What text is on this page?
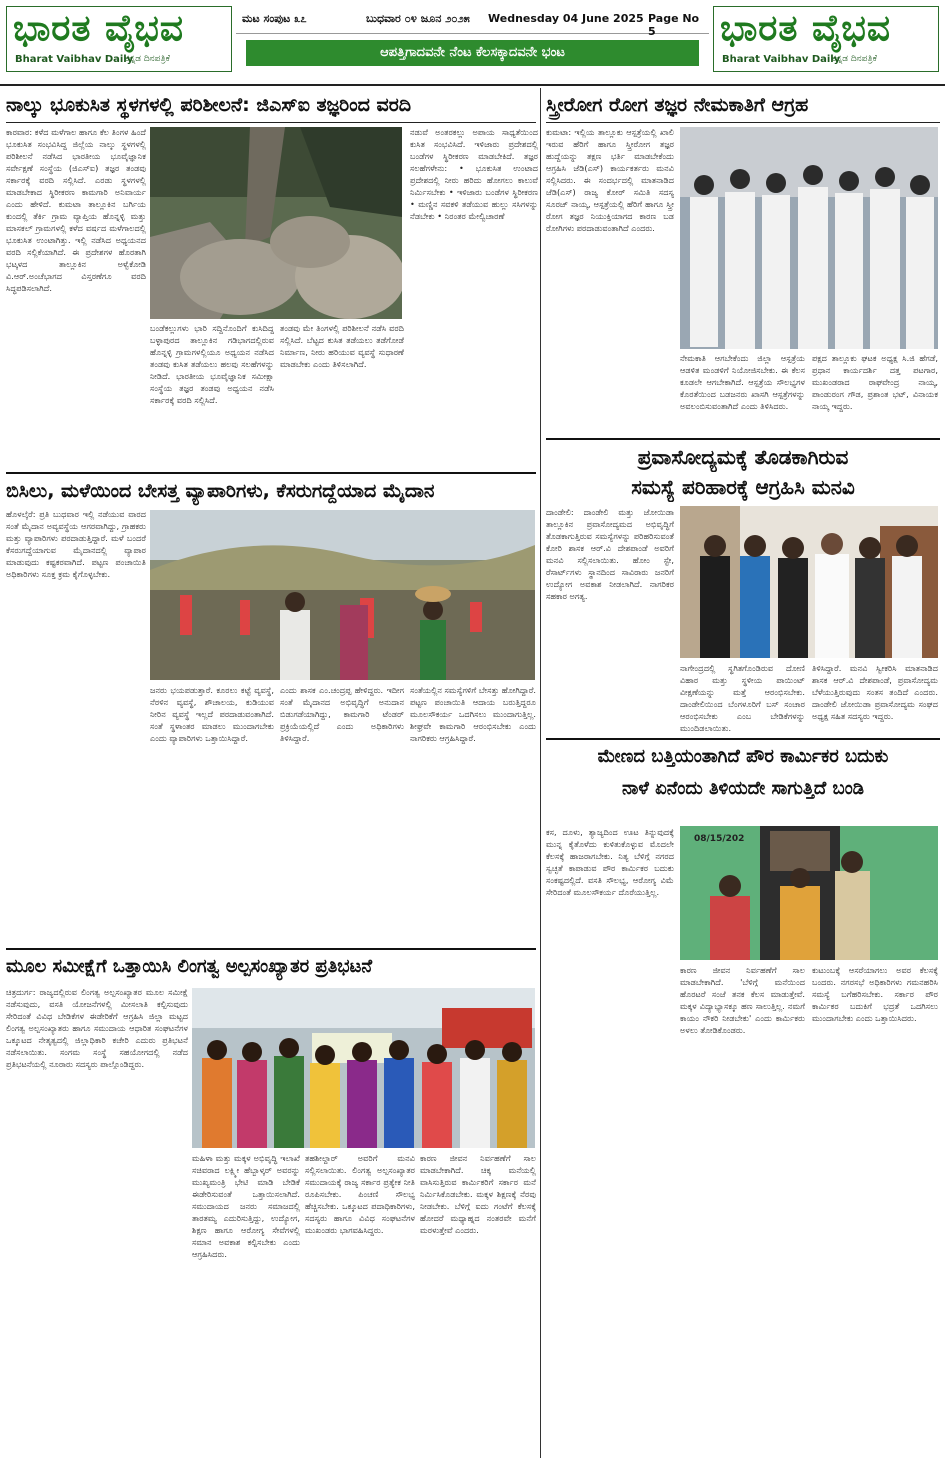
ಭಾರತ ವೈಭವ
Bharat Vaibhav Daily
ಕನ್ನಡ ದಿನಪತ್ರಿಕೆ
ಮಟ ಸಂಪುಟ ೩೭	ಬುಧವಾರ ೦೪ ಜೂನ ೨೦೨೫ Wednesday 04 June 2025 Page No 5
ಆಪತ್ತಿಗಾದವನೇ ನೆಂಟ ಕೆಲಸಕ್ಕಾದವನೇ ಭಂಟ
ಭಾರತ ವೈಭವ
Bharat Vaibhav Daily
ಕನ್ನಡ ದಿನಪತ್ರಿಕೆ
ನಾಲ್ಕು ಭೂಕುಸಿತ ಸ್ಥಳಗಳಲ್ಲಿ ಪರಿಶೀಲನೆ: ಜಿಎಸ್‌ಐ ತಜ್ಞರಿಂದ ವರದಿ
ಕಾರವಾರ: ಕಳೆದ ಮಳೆಗಾಲ ಹಾಗೂ ಕೆಲ ತಿಂಗಳ ಹಿಂದೆ ಭೂಕುಸಿತ ಸಂಭವಿಸಿದ್ದ ಜಿಲ್ಲೆಯ ನಾಲ್ಕು ಸ್ಥಳಗಳಲ್ಲಿ ಪರಿಶೀಲನೆ ನಡೆಸಿದ ಭಾರತೀಯ ಭೂವೈಜ್ಞಾನಿಕ ಸರ್ವೇಕ್ಷಣೆ ಸಂಸ್ಥೆಯ (ಜಿಎಸ್‌ಐ) ತಜ್ಞರ ತಂಡವು ಸರ್ಕಾರಕ್ಕೆ ವರದಿ ಸಲ್ಲಿಸಿದೆ. ಎರಡು ಸ್ಥಳಗಳಲ್ಲಿ ಮಾಡಬೇಕಾದ ಸ್ಥಿರೀಕರಣ ಕಾಮಗಾರಿ ಅನಿವಾರ್ಯ ಎಂದು ಹೇಳಿದೆ. ಕುಮಟಾ ತಾಲ್ಲೂಕಿನ ಬರ್ಗಿಯ ಕುಂದಲ್ಲಿ ತೆರ್ಕಿ ಗ್ರಾಮ ವ್ಯಾಪ್ತಿಯ ಹೊನ್ನಳ್ಳಿ ಮತ್ತು ಮಾಸಕಲ್ ಗ್ರಾಮಗಳಲ್ಲಿ ಕಳೆದ ವರ್ಷದ ಮಳೆಗಾಲದಲ್ಲಿ ಭೂಕುಸಿತ ಉಂಟಾಗಿತ್ತು. ಇಲ್ಲಿ ನಡೆಸಿದ ಅಧ್ಯಯನದ ವರದಿ ಸಲ್ಲಿಕೆಯಾಗಿದೆ. ಈ ಪ್ರದೇಶಗಳ ಹೊರತಾಗಿ ಭಟ್ಕಳದ ತಾಲ್ಲೂಕಿನ ಅಳ್ವೆಕೋಡಿ ವಿ.ಆರ್.ಅಂಚೆಭಾಗದ ವಿಸ್ತರಣೆಗೂ ವರದಿ ಸಿದ್ಧಪಡಿಸಲಾಗಿದೆ.
ಬಂಡೆಕಲ್ಲುಗಳು ಭಾರಿ ಸದ್ದಿನೊಂದಿಗೆ ಕುಸಿದಿದ್ದ ಬಳ್ಳಾಪುರದ ತಾಲ್ಲೂಕಿನ ಗಡಿಭಾಗದಲ್ಲಿರುವ ಹೊನ್ನಳ್ಳಿ ಗ್ರಾಮಗಳಲ್ಲಿಯೂ ಅಧ್ಯಯನ ನಡೆಸಿದ ತಂಡವು ಕುಸಿತ ತಡೆಯಲು ಹಲವು ಸಲಹೆಗಳನ್ನು ನೀಡಿದೆ. ಭಾರತೀಯ ಭೂವೈಜ್ಞಾನಿಕ ಸಮೀಕ್ಷಾ ಸಂಸ್ಥೆಯ ತಜ್ಞರ ತಂಡವು ಅಧ್ಯಯನ ನಡೆಸಿ ಸರ್ಕಾರಕ್ಕೆ ವರದಿ ಸಲ್ಲಿಸಿದೆ.
ತಂಡವು ಮೇ ತಿಂಗಳಲ್ಲಿ ಪರಿಶೀಲನೆ ನಡೆಸಿ ವರದಿ ಸಲ್ಲಿಸಿದೆ. ಬೆಟ್ಟದ ಕುಸಿತ ತಡೆಯಲು ತಡೆಗೋಡೆ ನಿರ್ಮಾಣ, ನೀರು ಹರಿಯುವ ವ್ಯವಸ್ಥೆ ಸುಧಾರಣೆ ಮಾಡಬೇಕು ಎಂದು ತಿಳಿಸಲಾಗಿದೆ.
ನಡುವೆ ಅಂತರಕಲ್ಲು ಅಪಾಯ ಸಾಧ್ಯತೆಯಿಂದ ಕುಸಿತ ಸಂಭವಿಸಿದೆ. ಇಳಿಜಾರು ಪ್ರದೇಶದಲ್ಲಿ ಬಂಡೆಗಳ ಸ್ಥಿರೀಕರಣ ಮಾಡಬೇಕಿದೆ. ತಜ್ಞರ ಸಲಹೆಗಳೇನು: • ಭೂಕುಸಿತ ಉಂಟಾದ ಪ್ರದೇಶದಲ್ಲಿ ನೀರು ಹರಿದು ಹೋಗಲು ಕಾಲುವೆ ನಿರ್ಮಿಸಬೇಕು • ಇಳಿಜಾರು ಬಂಡೆಗಳ ಸ್ಥಿರೀಕರಣ • ಮಣ್ಣಿನ ಸವಕಳಿ ತಡೆಯುವ ಹುಲ್ಲು ಸಸಿಗಳನ್ನು ನೆಡಬೇಕು • ನಿರಂತರ ಮೇಲ್ವಿಚಾರಣೆ
ಸ್ತ್ರೀರೋಗ ರೋಗ ತಜ್ಞರ ನೇಮಕಾತಿಗೆ ಆಗ್ರಹ
ಕುಮಟಾ: ಇಲ್ಲಿಯ ತಾಲ್ಲೂಕು ಆಸ್ಪತ್ರೆಯಲ್ಲಿ ಖಾಲಿ ಇರುವ ಹೆರಿಗೆ ಹಾಗೂ ಸ್ತ್ರೀರೋಗ ತಜ್ಞರ ಹುದ್ದೆಯನ್ನು ತಕ್ಷಣ ಭರ್ತಿ ಮಾಡಬೇಕೆಂದು ಆಗ್ರಹಿಸಿ ಜೆಡಿ(ಎಸ್) ಕಾರ್ಯಕರ್ತರು ಮನವಿ ಸಲ್ಲಿಸಿದರು. ಈ ಸಂದರ್ಭದಲ್ಲಿ ಮಾತನಾಡಿದ ಜೆಡಿ(ಎಸ್) ರಾಜ್ಯ ಕೋರ್ ಸಮಿತಿ ಸದಸ್ಯ ಸೂರಜ್ ನಾಯ್ಕ, ಆಸ್ಪತ್ರೆಯಲ್ಲಿ ಹೆರಿಗೆ ಹಾಗೂ ಸ್ತ್ರೀ ರೋಗ ತಜ್ಞರ ನಿಯುಕ್ತಿಯಾಗದ ಕಾರಣ ಬಡ ರೋಗಿಗಳು ಪರದಾಡುವಂತಾಗಿದೆ ಎಂದರು.
ನೇಮಕಾತಿ ಆಗಬೇಕೆಂದು ಜಿಲ್ಲಾ ಆಸ್ಪತ್ರೆಯ ಆಡಳಿತ ಮಂಡಳಿಗೆ ನಿಯೋಜಿಸಬೇಕು. ಈ ಕೆಲಸ ಕೂಡಲೇ ಆಗಬೇಕಾಗಿದೆ. ಆಸ್ಪತ್ರೆಯ ಸೌಲಭ್ಯಗಳ ಕೊರತೆಯಿಂದ ಬಡಜನರು ಖಾಸಗಿ ಆಸ್ಪತ್ರೆಗಳನ್ನು ಅವಲಂಬಿಸುವಂತಾಗಿದೆ ಎಂದು ತಿಳಿಸಿದರು.
ಪಕ್ಷದ ತಾಲ್ಲೂಕು ಘಟಕ ಅಧ್ಯಕ್ಷ ಸಿ.ಜಿ ಹೆಗಡೆ, ಪ್ರಧಾನ ಕಾರ್ಯದರ್ಶಿ ದತ್ತ ಪಟಗಾರ, ಮುಖಂಡರಾದ ರಾಘವೇಂದ್ರ ನಾಯ್ಕ, ಪಾಂಡುರಂಗ ಗೌಡ, ಪ್ರಶಾಂತ ಭಟ್, ವಿನಾಯಕ ನಾಯ್ಕ ಇದ್ದರು.
ಪ್ರವಾಸೋದ್ಯಮಕ್ಕೆ ತೊಡಕಾಗಿರುವ
ಸಮಸ್ಯೆ ಪರಿಹಾರಕ್ಕೆ ಆಗ್ರಹಿಸಿ ಮನವಿ
ದಾಂಡೇಲಿ: ದಾಂಡೇಲಿ ಮತ್ತು ಜೋಯಿಡಾ ತಾಲ್ಲೂಕಿನ ಪ್ರವಾಸೋದ್ಯಮದ ಅಭಿವೃದ್ಧಿಗೆ ತೊಡಕಾಗುತ್ತಿರುವ ಸಮಸ್ಯೆಗಳನ್ನು ಪರಿಹರಿಸುವಂತೆ ಕೋರಿ ಶಾಸಕ ಆರ್.ವಿ ದೇಶಪಾಂಡೆ ಅವರಿಗೆ ಮನವಿ ಸಲ್ಲಿಸಲಾಯಿತು. ಹೋಂ ಸ್ಟೇ, ರೆಸಾರ್ಟ್‌ಗಳು ಸ್ಥಾನದಿಂದ ಸಾವಿರಾರು ಜನರಿಗೆ ಉದ್ಯೋಗ ಅವಕಾಶ ನೀಡಲಾಗಿದೆ. ನಾಗರಿಕರ ಸಹಕಾರ ಅಗತ್ಯ.
ನಾಗೇಂದ್ರದಲ್ಲಿ ಸ್ಥಗಿತಗೊಂಡಿರುವ ದೋಣಿ ವಿಹಾರ ಮತ್ತು ಸ್ಥಳೀಯ ಪಾಯಿಂಟ್ ವೀಕ್ಷಣೆಯನ್ನು ಮತ್ತೆ ಆರಂಭಿಸಬೇಕು. ದಾಂಡೇಲಿಯಿಂದ ಬೆಂಗಳೂರಿಗೆ ಬಸ್ ಸಂಚಾರ ಆರಂಭಿಸಬೇಕು ಎಂಬ ಬೇಡಿಕೆಗಳನ್ನು ಮುಂದಿಡಲಾಯಿತು.
ತಿಳಿಸಿದ್ದಾರೆ. ಮನವಿ ಸ್ವೀಕರಿಸಿ ಮಾತನಾಡಿದ ಶಾಸಕ ಆರ್.ವಿ ದೇಶಪಾಂಡೆ, ಪ್ರವಾಸೋದ್ಯಮ ಬೆಳೆಯುತ್ತಿರುವುದು ಸಂತಸ ತಂದಿದೆ ಎಂದರು. ದಾಂಡೇಲಿ ಜೋಯಿಡಾ ಪ್ರವಾಸೋದ್ಯಮ ಸಂಘದ ಅಧ್ಯಕ್ಷ ಸಹಿತ ಸದಸ್ಯರು ಇದ್ದರು.
ಬಿಸಿಲು, ಮಳೆಯಿಂದ ಬೇಸತ್ತ ವ್ಯಾಪಾರಿಗಳು, ಕೆಸರುಗದ್ದೆಯಾದ ಮೈದಾನ
ಹೊಳಲ್ಕೆರೆ: ಪ್ರತಿ ಬುಧವಾರ ಇಲ್ಲಿ ನಡೆಯುವ ವಾರದ ಸಂತೆ ಮೈದಾನ ಅವ್ಯವಸ್ಥೆಯ ಆಗರವಾಗಿದ್ದು, ಗ್ರಾಹಕರು ಮತ್ತು ವ್ಯಾಪಾರಿಗಳು ಪರದಾಡುತ್ತಿದ್ದಾರೆ. ಮಳೆ ಬಂದರೆ ಕೆಸರುಗದ್ದೆಯಾಗುವ ಮೈದಾನದಲ್ಲಿ ವ್ಯಾಪಾರ ಮಾಡುವುದು ಕಷ್ಟಕರವಾಗಿದೆ. ಪಟ್ಟಣ ಪಂಚಾಯಿತಿ ಅಧಿಕಾರಿಗಳು ಸೂಕ್ತ ಕ್ರಮ ಕೈಗೊಳ್ಳಬೇಕು.
ಜನರು ಭಯಪಡುತ್ತಾರೆ. ಕೂರಲು ಕಟ್ಟೆ ವ್ಯವಸ್ಥೆ, ನೆರಳಿನ ವ್ಯವಸ್ಥೆ, ಶೌಚಾಲಯ, ಕುಡಿಯುವ ನೀರಿನ ವ್ಯವಸ್ಥೆ ಇಲ್ಲದೆ ಪರದಾಡುವಂತಾಗಿದೆ. ಸಂತೆ ಸ್ಥಳಾಂತರ ಮಾಡಲು ಮುಂದಾಗಬೇಕು ಎಂದು ವ್ಯಾಪಾರಿಗಳು ಒತ್ತಾಯಿಸಿದ್ದಾರೆ.
ಎಂದು ಶಾಸಕ ಎಂ.ಚಂದ್ರಪ್ಪ ಹೇಳಿದ್ದರು. ಇದೀಗ ಸಂತೆ ಮೈದಾನದ ಅಭಿವೃದ್ಧಿಗೆ ಅನುದಾನ ಬಿಡುಗಡೆಯಾಗಿದ್ದು, ಕಾಮಗಾರಿ ಟೆಂಡರ್ ಪ್ರಕ್ರಿಯೆಯಲ್ಲಿದೆ ಎಂದು ಅಧಿಕಾರಿಗಳು ತಿಳಿಸಿದ್ದಾರೆ.
ಸಂತೆಯಲ್ಲಿನ ಸಮಸ್ಯೆಗಳಿಗೆ ಬೇಸತ್ತು ಹೋಗಿದ್ದಾರೆ. ಪಟ್ಟಣ ಪಂಚಾಯಿತಿ ಆದಾಯ ಬರುತ್ತಿದ್ದರೂ ಮೂಲಸೌಕರ್ಯ ಒದಗಿಸಲು ಮುಂದಾಗುತ್ತಿಲ್ಲ. ಶೀಘ್ರವೇ ಕಾಮಗಾರಿ ಆರಂಭಿಸಬೇಕು ಎಂದು ನಾಗರಿಕರು ಆಗ್ರಹಿಸಿದ್ದಾರೆ.
ಮೇಣದ ಬತ್ತಿಯಂತಾಗಿದೆ ಪೌರ ಕಾರ್ಮಿಕರ ಬದುಕು
ನಾಳೆ ಏನೆಂದು ತಿಳಿಯದೇ ಸಾಗುತ್ತಿದೆ ಬಂಡಿ
ಕಸ, ದೂಳು, ತ್ಯಾಜ್ಯದಿಂದ ಊಟ ತಿನ್ನುವುದಕ್ಕೆ ಮುನ್ನ ಕೈತೊಳೆದು ಕುಳಿತುಕೊಳ್ಳುವ ಮೊದಲೇ ಕೆಲಸಕ್ಕೆ ಹಾಜರಾಗಬೇಕು. ನಿತ್ಯ ಬೆಳಿಗ್ಗೆ ನಗರದ ಸ್ವಚ್ಛತೆ ಕಾಪಾಡುವ ಪೌರ ಕಾರ್ಮಿಕರ ಬದುಕು ಸಂಕಷ್ಟದಲ್ಲಿದೆ. ವಸತಿ ಸೌಲಭ್ಯ, ಆರೋಗ್ಯ ವಿಮೆ ಸೇರಿದಂತೆ ಮೂಲಸೌಕರ್ಯ ದೊರೆಯುತ್ತಿಲ್ಲ.
08/15/202
ಕಾರಣ ಜೀವನ ನಿರ್ವಹಣೆಗೆ ಸಾಲ ಮಾಡಬೇಕಾಗಿದೆ. 'ಬೆಳಿಗ್ಗೆ ಮನೆಯಿಂದ ಹೊರಟರೆ ಸಂಜೆ ತನಕ ಕೆಲಸ ಮಾಡುತ್ತೇವೆ. ಮಕ್ಕಳ ವಿದ್ಯಾಭ್ಯಾಸಕ್ಕೂ ಹಣ ಸಾಲುತ್ತಿಲ್ಲ. ನಮಗೆ ಕಾಯಂ ನೌಕರಿ ನೀಡಬೇಕು' ಎಂದು ಕಾರ್ಮಿಕರು ಅಳಲು ತೋಡಿಕೊಂಡರು.
ಕುಟುಂಬಕ್ಕೆ ಆಸರೆಯಾಗಲು ಅವರ ಕೆಲಸಕ್ಕೆ ಬಂದರು. ನಗರಸಭೆ ಅಧಿಕಾರಿಗಳು ಗಮನಹರಿಸಿ ಸಮಸ್ಯೆ ಬಗೆಹರಿಸಬೇಕು. ಸರ್ಕಾರ ಪೌರ ಕಾರ್ಮಿಕರ ಬದುಕಿಗೆ ಭದ್ರತೆ ಒದಗಿಸಲು ಮುಂದಾಗಬೇಕು ಎಂದು ಒತ್ತಾಯಿಸಿದರು.
ಮೂಲ ಸಮೀಕ್ಷೆಗೆ ಒತ್ತಾಯಿಸಿ ಲಿಂಗತ್ವ ಅಲ್ಪಸಂಖ್ಯಾತರ ಪ್ರತಿಭಟನೆ
ಚಿತ್ರದುರ್ಗ: ರಾಜ್ಯದಲ್ಲಿರುವ ಲಿಂಗತ್ವ ಅಲ್ಪಸಂಖ್ಯಾತರ ಮೂಲ ಸಮೀಕ್ಷೆ ನಡೆಸುವುದು, ವಸತಿ ಯೋಜನೆಗಳಲ್ಲಿ ಮೀಸಲಾತಿ ಕಲ್ಪಿಸುವುದು ಸೇರಿದಂತೆ ವಿವಿಧ ಬೇಡಿಕೆಗಳ ಈಡೇರಿಕೆಗೆ ಆಗ್ರಹಿಸಿ ಜಿಲ್ಲಾ ಮಟ್ಟದ ಲಿಂಗತ್ವ ಅಲ್ಪಸಂಖ್ಯಾತರು ಹಾಗೂ ಸಮುದಾಯ ಆಧಾರಿತ ಸಂಘಟನೆಗಳ ಒಕ್ಕೂಟದ ನೇತೃತ್ವದಲ್ಲಿ ಜಿಲ್ಲಾಧಿಕಾರಿ ಕಚೇರಿ ಎದುರು ಪ್ರತಿಭಟನೆ ನಡೆಸಲಾಯಿತು. ಸಂಗಮ ಸಂಸ್ಥೆ ಸಹಯೋಗದಲ್ಲಿ ನಡೆದ ಪ್ರತಿಭಟನೆಯಲ್ಲಿ ನೂರಾರು ಸದಸ್ಯರು ಪಾಲ್ಗೊಂಡಿದ್ದರು.
ಮಹಿಳಾ ಮತ್ತು ಮಕ್ಕಳ ಅಭಿವೃದ್ಧಿ ಇಲಾಖೆ ಸಚಿವರಾದ ಲಕ್ಷ್ಮೀ ಹೆಬ್ಬಾಳ್ಕರ್ ಅವರನ್ನು ಮುಖ್ಯಮಂತ್ರಿ ಭೇಟಿ ಮಾಡಿ ಬೇಡಿಕೆ ಈಡೇರಿಸುವಂತೆ ಒತ್ತಾಯಿಸಲಾಗಿದೆ. ಸಮುದಾಯದ ಜನರು ಸಮಾಜದಲ್ಲಿ ತಾರತಮ್ಯ ಎದುರಿಸುತ್ತಿದ್ದು, ಉದ್ಯೋಗ, ಶಿಕ್ಷಣ ಹಾಗೂ ಆರೋಗ್ಯ ಸೇವೆಗಳಲ್ಲಿ ಸಮಾನ ಅವಕಾಶ ಕಲ್ಪಿಸಬೇಕು ಎಂದು ಆಗ್ರಹಿಸಿದರು.
ತಹಶೀಲ್ದಾರ್ ಅವರಿಗೆ ಮನವಿ ಸಲ್ಲಿಸಲಾಯಿತು. ಲಿಂಗತ್ವ ಅಲ್ಪಸಂಖ್ಯಾತರ ಸಮುದಾಯಕ್ಕೆ ರಾಜ್ಯ ಸರ್ಕಾರ ಪ್ರತ್ಯೇಕ ನೀತಿ ರೂಪಿಸಬೇಕು. ಪಿಂಚಣಿ ಸೌಲಭ್ಯ ಹೆಚ್ಚಿಸಬೇಕು. ಒಕ್ಕೂಟದ ಪದಾಧಿಕಾರಿಗಳು, ಸದಸ್ಯರು ಹಾಗೂ ವಿವಿಧ ಸಂಘಟನೆಗಳ ಮುಖಂಡರು ಭಾಗವಹಿಸಿದ್ದರು.
ಕಾರಣ ಜೀವನ ನಿರ್ವಹಣೆಗೆ ಸಾಲ ಮಾಡಬೇಕಾಗಿದೆ. ಚಿಕ್ಕ ಮನೆಯಲ್ಲಿ ವಾಸಿಸುತ್ತಿರುವ ಕಾರ್ಮಿಕರಿಗೆ ಸರ್ಕಾರ ಮನೆ ನಿರ್ಮಿಸಿಕೊಡಬೇಕು. ಮಕ್ಕಳ ಶಿಕ್ಷಣಕ್ಕೆ ನೆರವು ನೀಡಬೇಕು. ಬೆಳಿಗ್ಗೆ ಐದು ಗಂಟೆಗೆ ಕೆಲಸಕ್ಕೆ ಹೋದರೆ ಮಧ್ಯಾಹ್ನದ ನಂತರವೇ ಮನೆಗೆ ಮರಳುತ್ತೇವೆ ಎಂದರು.
